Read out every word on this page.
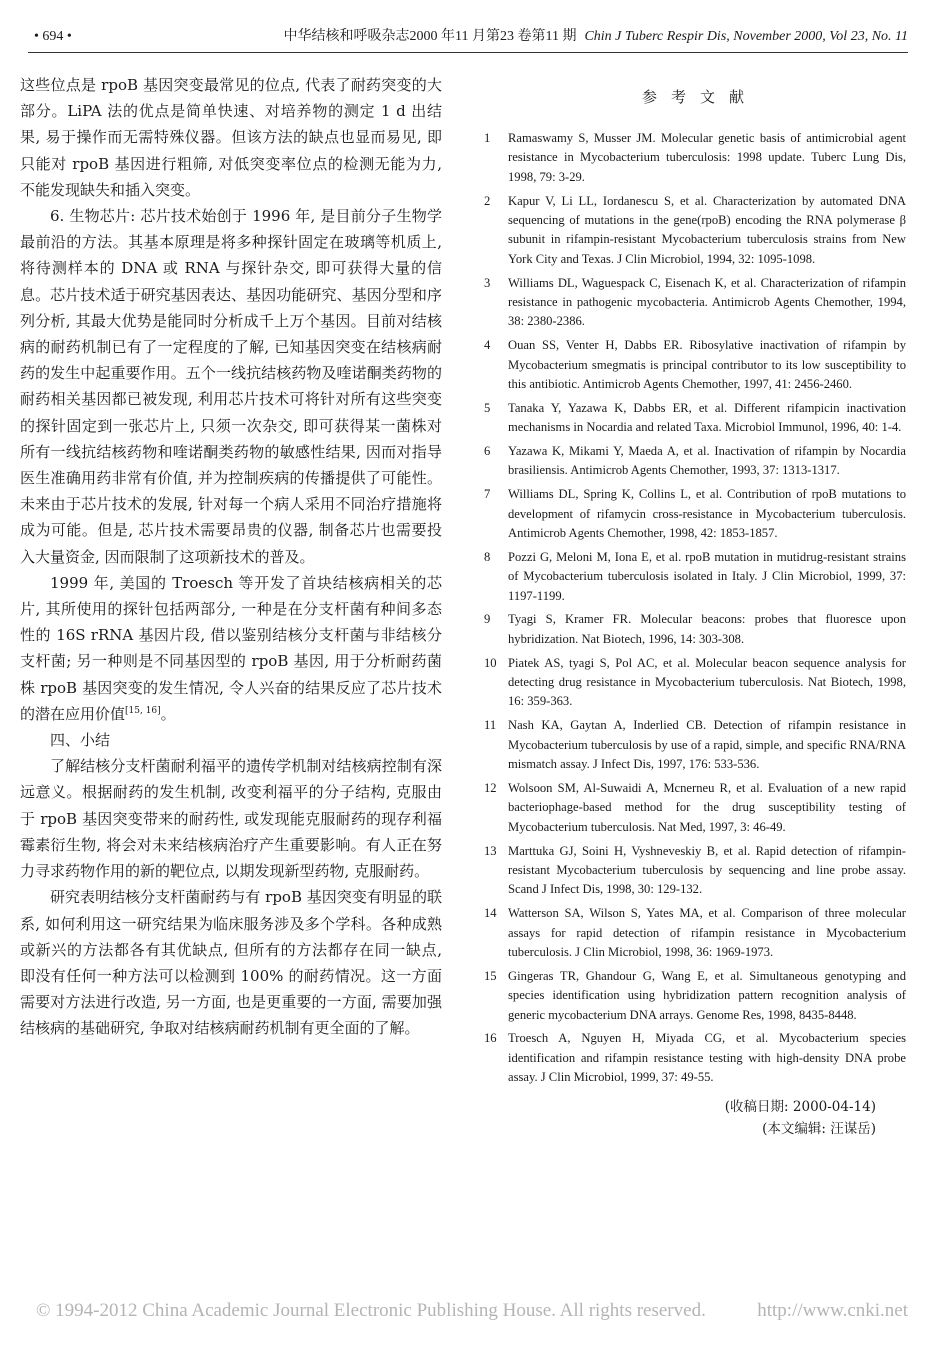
• 694 •	中华结核和呼吸杂志2000 年11 月第23 卷第11 期 Chin J Tuberc Respir Dis, November 2000, Vol 23, No. 11

这些位点是 rpoB 基因突变最常见的位点, 代表了耐药突变的大部分。LiPA 法的优点是简单快速、对培养物的测定 1 d 出结果, 易于操作而无需特殊仪器。但该方法的缺点也显而易见, 即只能对 rpoB 基因进行粗筛, 对低突变率位点的检测无能为力, 不能发现缺失和插入突变。

6. 生物芯片: 芯片技术始创于 1996 年, 是目前分子生物学最前沿的方法。其基本原理是将多种探针固定在玻璃等机质上, 将待测样本的 DNA 或 RNA 与探针杂交, 即可获得大量的信息。芯片技术适于研究基因表达、基因功能研究、基因分型和序列分析, 其最大优势是能同时分析成千上万个基因。目前对结核病的耐药机制已有了一定程度的了解, 已知基因突变在结核病耐药的发生中起重要作用。五个一线抗结核药物及喹诺酮类药物的耐药相关基因都已被发现, 利用芯片技术可将针对所有这些突变的探针固定到一张芯片上, 只须一次杂交, 即可获得某一菌株对所有一线抗结核药物和喹诺酮类药物的敏感性结果, 因而对指导医生准确用药非常有价值, 并为控制疾病的传播提供了可能性。未来由于芯片技术的发展, 针对每一个病人采用不同治疗措施将成为可能。但是, 芯片技术需要昂贵的仪器, 制备芯片也需要投入大量资金, 因而限制了这项新技术的普及。

1999 年, 美国的 Troesch 等开发了首块结核病相关的芯片, 其所使用的探针包括两部分, 一种是在分支杆菌有种间多态性的 16S rRNA 基因片段, 借以鉴别结核分支杆菌与非结核分支杆菌; 另一种则是不同基因型的 rpoB 基因, 用于分析耐药菌株 rpoB 基因突变的发生情况, 令人兴奋的结果反应了芯片技术的潜在应用价值[15, 16]。

四、小结

了解结核分支杆菌耐利福平的遗传学机制对结核病控制有深远意义。根据耐药的发生机制, 改变利福平的分子结构, 克服由于 rpoB 基因突变带来的耐药性, 或发现能克服耐药的现存利福霉素衍生物, 将会对未来结核病治疗产生重要影响。有人正在努力寻求药物作用的新的靶位点, 以期发现新型药物, 克服耐药。

研究表明结核分支杆菌耐药与有 rpoB 基因突变有明显的联系, 如何利用这一研究结果为临床服务涉及多个学科。各种成熟或新兴的方法都各有其优缺点, 但所有的方法都存在同一缺点, 即没有任何一种方法可以检测到 100% 的耐药情况。这一方面需要对方法进行改造, 另一方面, 也是更重要的一方面, 需要加强结核病的基础研究, 争取对结核病耐药机制有更全面的了解。

参考文献
1	Ramaswamy S, Musser JM. Molecular genetic basis of antimicrobial agent resistance in Mycobacterium tuberculosis: 1998 update. Tuberc Lung Dis, 1998, 79: 3-29.
2	Kapur V, Li LL, Iordanescu S, et al. Characterization by automated DNA sequencing of mutations in the gene(rpoB) encoding the RNA polymerase β subunit in rifampin-resistant Mycobacterium tuberculosis strains from New York City and Texas. J Clin Microbiol, 1994, 32: 1095-1098.
3	Williams DL, Waguespack C, Eisenach K, et al. Characterization of rifampin resistance in pathogenic mycobacteria. Antimicrob Agents Chemother, 1994, 38: 2380-2386.
4	Ouan SS, Venter H, Dabbs ER. Ribosylative inactivation of rifampin by Mycobacterium smegmatis is principal contributor to its low susceptibility to this antibiotic. Antimicrob Agents Chemother, 1997, 41: 2456-2460.
5	Tanaka Y, Yazawa K, Dabbs ER, et al. Different rifampicin inactivation mechanisms in Nocardia and related Taxa. Microbiol Immunol, 1996, 40: 1-4.
6	Yazawa K, Mikami Y, Maeda A, et al. Inactivation of rifampin by Nocardia brasiliensis. Antimicrob Agents Chemother, 1993, 37: 1313-1317.
7	Williams DL, Spring K, Collins L, et al. Contribution of rpoB mutations to development of rifamycin cross-resistance in Mycobacterium tuberculosis. Antimicrob Agents Chemother, 1998, 42: 1853-1857.
8	Pozzi G, Meloni M, Iona E, et al. rpoB mutation in mutidrug-resistant strains of Mycobacterium tuberculosis isolated in Italy. J Clin Microbiol, 1999, 37: 1197-1199.
9	Tyagi S, Kramer FR. Molecular beacons: probes that fluoresce upon hybridization. Nat Biotech, 1996, 14: 303-308.
10 Piatek AS, tyagi S, Pol AC, et al. Molecular beacon sequence analysis for detecting drug resistance in Mycobacterium tuberculosis. Nat Biotech, 1998, 16: 359-363.
11 Nash KA, Gaytan A, Inderlied CB. Detection of rifampin resistance in Mycobacterium tuberculosis by use of a rapid, simple, and specific RNA/RNA mismatch assay. J Infect Dis, 1997, 176: 533-536.
12 Wolsoon SM, Al-Suwaidi A, Mcnerneu R, et al. Evaluation of a new rapid bacteriophage-based method for the drug susceptibility testing of Mycobacterium tuberculosis. Nat Med, 1997, 3: 46-49.
13 Marttuka GJ, Soini H, Vyshneveskiy B, et al. Rapid detection of rifampin-resistant Mycobacterium tuberculosis by sequencing and line probe assay. Scand J Infect Dis, 1998, 30: 129-132.
14 Watterson SA, Wilson S, Yates MA, et al. Comparison of three molecular assays for rapid detection of rifampin resistance in Mycobacterium tuberculosis. J Clin Microbiol, 1998, 36: 1969-1973.
15 Gingeras TR, Ghandour G, Wang E, et al. Simultaneous genotyping and species identification using hybridization pattern recognition analysis of generic mycobacterium DNA arrays. Genome Res, 1998, 8435-8448.
16 Troesch A, Nguyen H, Miyada CG, et al. Mycobacterium species identification and rifampin resistance testing with high-density DNA probe assay. J Clin Microbiol, 1999, 37: 49-55.
(收稿日期: 2000-04-14)
(本文编辑: 汪谋岳)
© 1994-2012 China Academic Journal Electronic Publishing House. All rights reserved.	http://www.cnki.net
